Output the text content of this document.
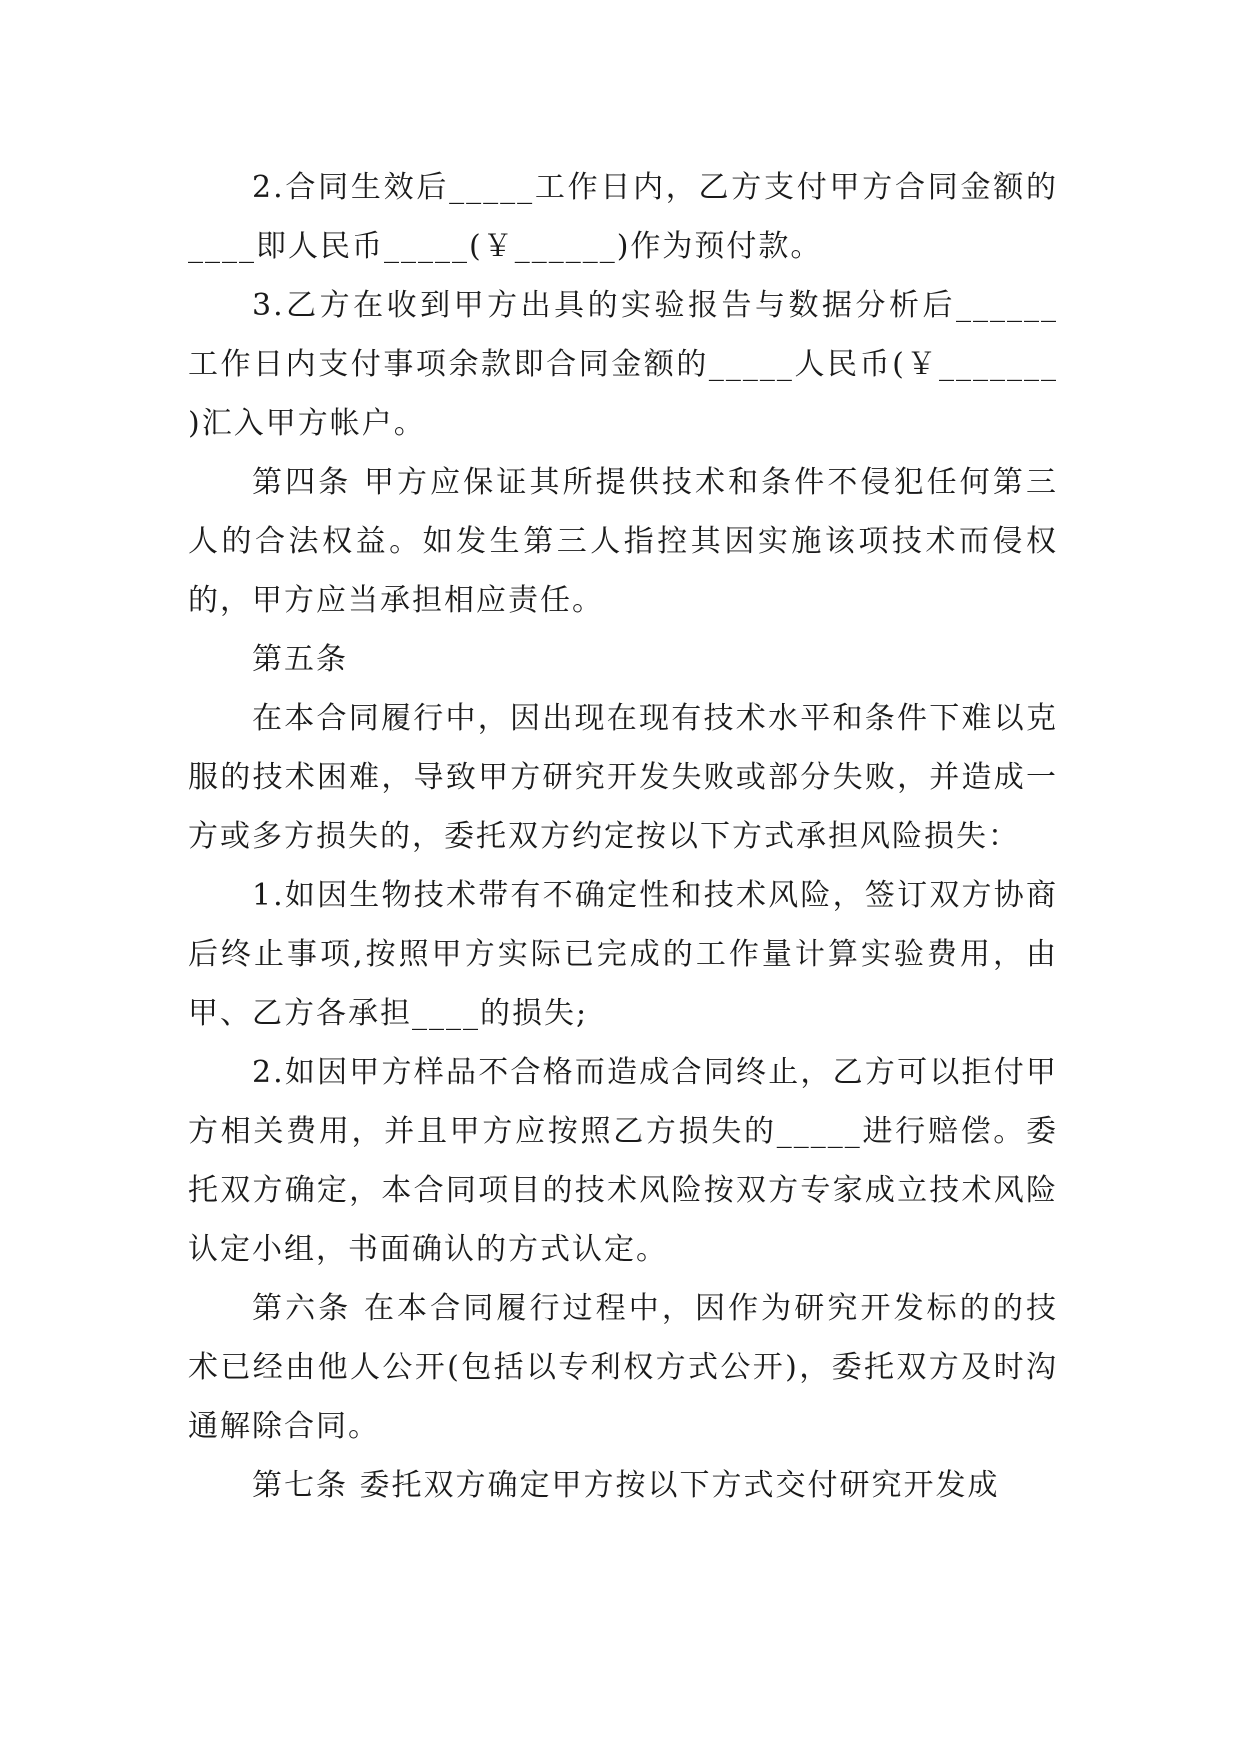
2.合同生效后_____工作日内，乙方支付甲方合同金额的____即人民币_____(￥______)作为预付款。

3.乙方在收到甲方出具的实验报告与数据分析后______工作日内支付事项余款即合同金额的_____人民币(￥_______ )汇入甲方帐户。

第四条 甲方应保证其所提供技术和条件不侵犯任何第三人的合法权益。如发生第三人指控其因实施该项技术而侵权的，甲方应当承担相应责任。

第五条

在本合同履行中，因出现在现有技术水平和条件下难以克服的技术困难，导致甲方研究开发失败或部分失败，并造成一方或多方损失的，委托双方约定按以下方式承担风险损失：

1.如因生物技术带有不确定性和技术风险，签订双方协商后终止事项,按照甲方实际已完成的工作量计算实验费用，由甲、乙方各承担____的损失;

2.如因甲方样品不合格而造成合同终止，乙方可以拒付甲方相关费用，并且甲方应按照乙方损失的_____进行赔偿。委托双方确定，本合同项目的技术风险按双方专家成立技术风险认定小组，书面确认的方式认定。

第六条 在本合同履行过程中，因作为研究开发标的的技术已经由他人公开(包括以专利权方式公开)，委托双方及时沟通解除合同。

第七条 委托双方确定甲方按以下方式交付研究开发成
